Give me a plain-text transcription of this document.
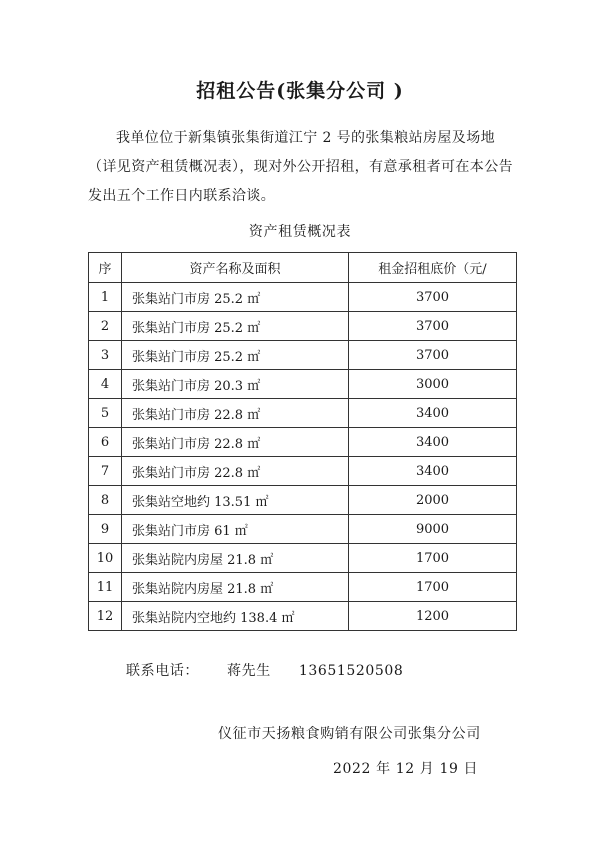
招租公告(张集分公司 )
我单位位于新集镇张集街道江宁 2 号的张集粮站房屋及场地（详见资产租赁概况表），现对外公开招租，有意承租者可在本公告发出五个工作日内联系洽谈。
资产租赁概况表
序	资产名称及面积	租金招租底价（元/
1	张集站门市房 25.2 ㎡	3700
2	张集站门市房 25.2 ㎡	3700
3	张集站门市房 25.2 ㎡	3700
4	张集站门市房 20.3 ㎡	3000
5	张集站门市房 22.8 ㎡	3400
6	张集站门市房 22.8 ㎡	3400
7	张集站门市房 22.8 ㎡	3400
8	张集站空地约 13.51 ㎡	2000
9	张集站门市房 61 ㎡	9000
10	张集站院内房屋 21.8 ㎡	1700
11	张集站院内房屋 21.8 ㎡	1700
12	张集站院内空地约 138.4 ㎡	1200
联系电话： 蒋先生 13651520508
仪征市天扬粮食购销有限公司张集分公司
2022 年 12 月 19 日
